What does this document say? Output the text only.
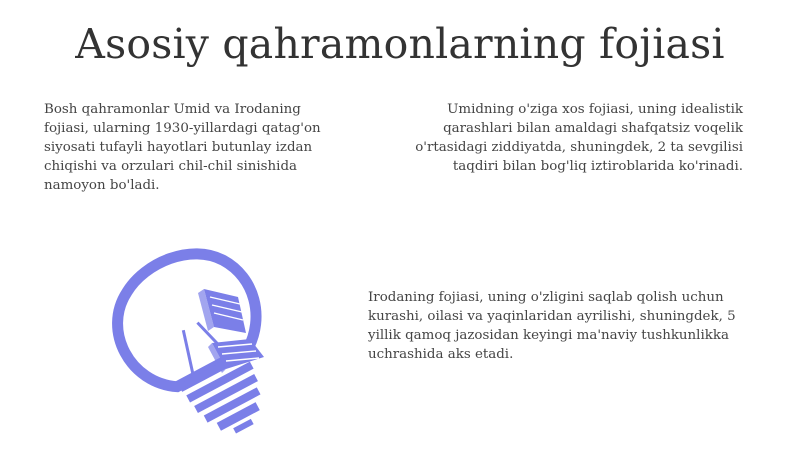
Asosiy qahramonlarning fojiasi

Bosh qahramonlar Umid va Irodaning fojiasi, ularning 1930-yillardagi qatag'on siyosati tufayli hayotlari butunlay izdan chiqishi va orzulari chil-chil sinishida namoyon bo'ladi.

Umidning o'ziga xos fojiasi, uning idealistik qarashlari bilan amaldagi shafqatsiz voqelik o'rtasidagi ziddiyatda, shuningdek, 2 ta sevgilisi taqdiri bilan bog'liq iztiroblarida ko'rinadi.

Irodaning fojiasi, uning o'zligini saqlab qolish uchun kurashi, oilasi va yaqinlaridan ayrilishi, shuningdek, 5 yillik qamoq jazosidan keyingi ma'naviy tushkunlikka uchrashida aks etadi.
